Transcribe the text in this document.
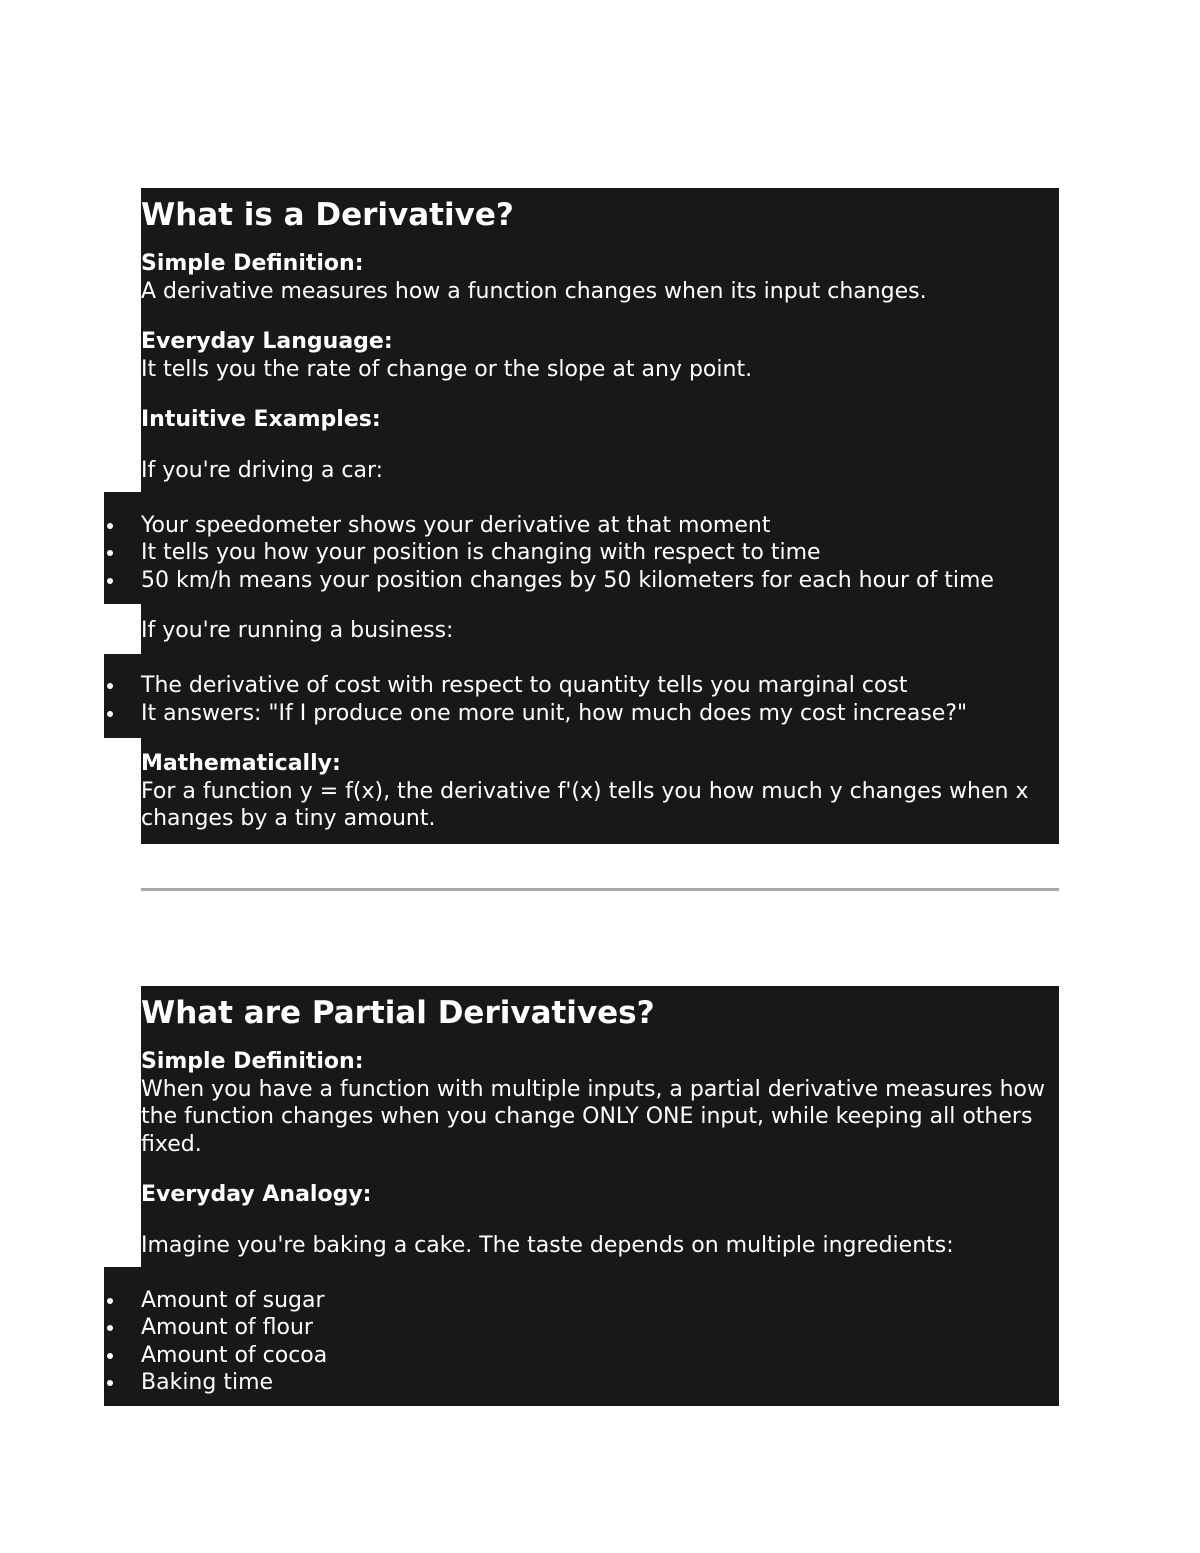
What is a Derivative?
Simple Definition:
A derivative measures how a function changes when its input changes.
Everyday Language:
It tells you the rate of change or the slope at any point.
Intuitive Examples:
If you're driving a car:
Your speedometer shows your derivative at that moment
It tells you how your position is changing with respect to time
50 km/h means your position changes by 50 kilometers for each hour of time
If you're running a business:
The derivative of cost with respect to quantity tells you marginal cost
It answers: "If I produce one more unit, how much does my cost increase?"
Mathematically:
For a function y = f(x), the derivative f'(x) tells you how much y changes when x changes by a tiny amount.
What are Partial Derivatives?
Simple Definition:
When you have a function with multiple inputs, a partial derivative measures how the function changes when you change ONLY ONE input, while keeping all others fixed.
Everyday Analogy:
Imagine you're baking a cake. The taste depends on multiple ingredients:
Amount of sugar
Amount of flour
Amount of cocoa
Baking time
